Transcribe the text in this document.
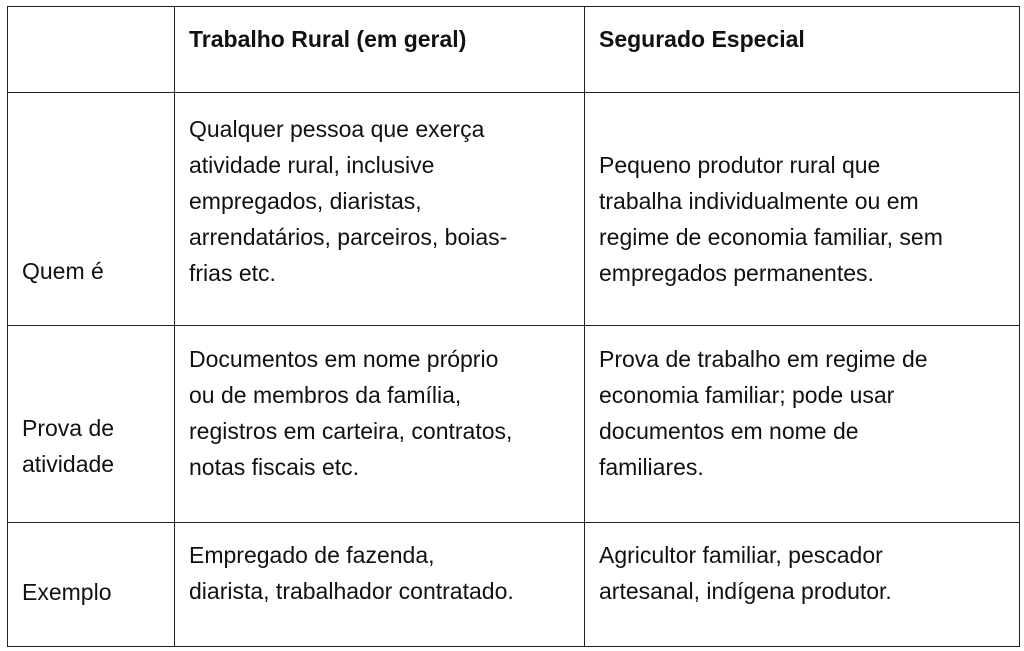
	Trabalho Rural (em geral)	Segurado Especial

Quem é	Qualquer pessoa que exerça
atividade rural, inclusive
empregados, diaristas,
arrendatários, parceiros, boias-
frias etc.	Pequeno produtor rural que
trabalha individualmente ou em
regime de economia familiar, sem
empregados permanentes.

Prova de
atividade	Documentos em nome próprio
ou de membros da família,
registros em carteira, contratos,
notas fiscais etc.	Prova de trabalho em regime de
economia familiar; pode usar
documentos em nome de
familiares.

Exemplo	Empregado de fazenda,
diarista, trabalhador contratado.	Agricultor familiar, pescador
artesanal, indígena produtor.
